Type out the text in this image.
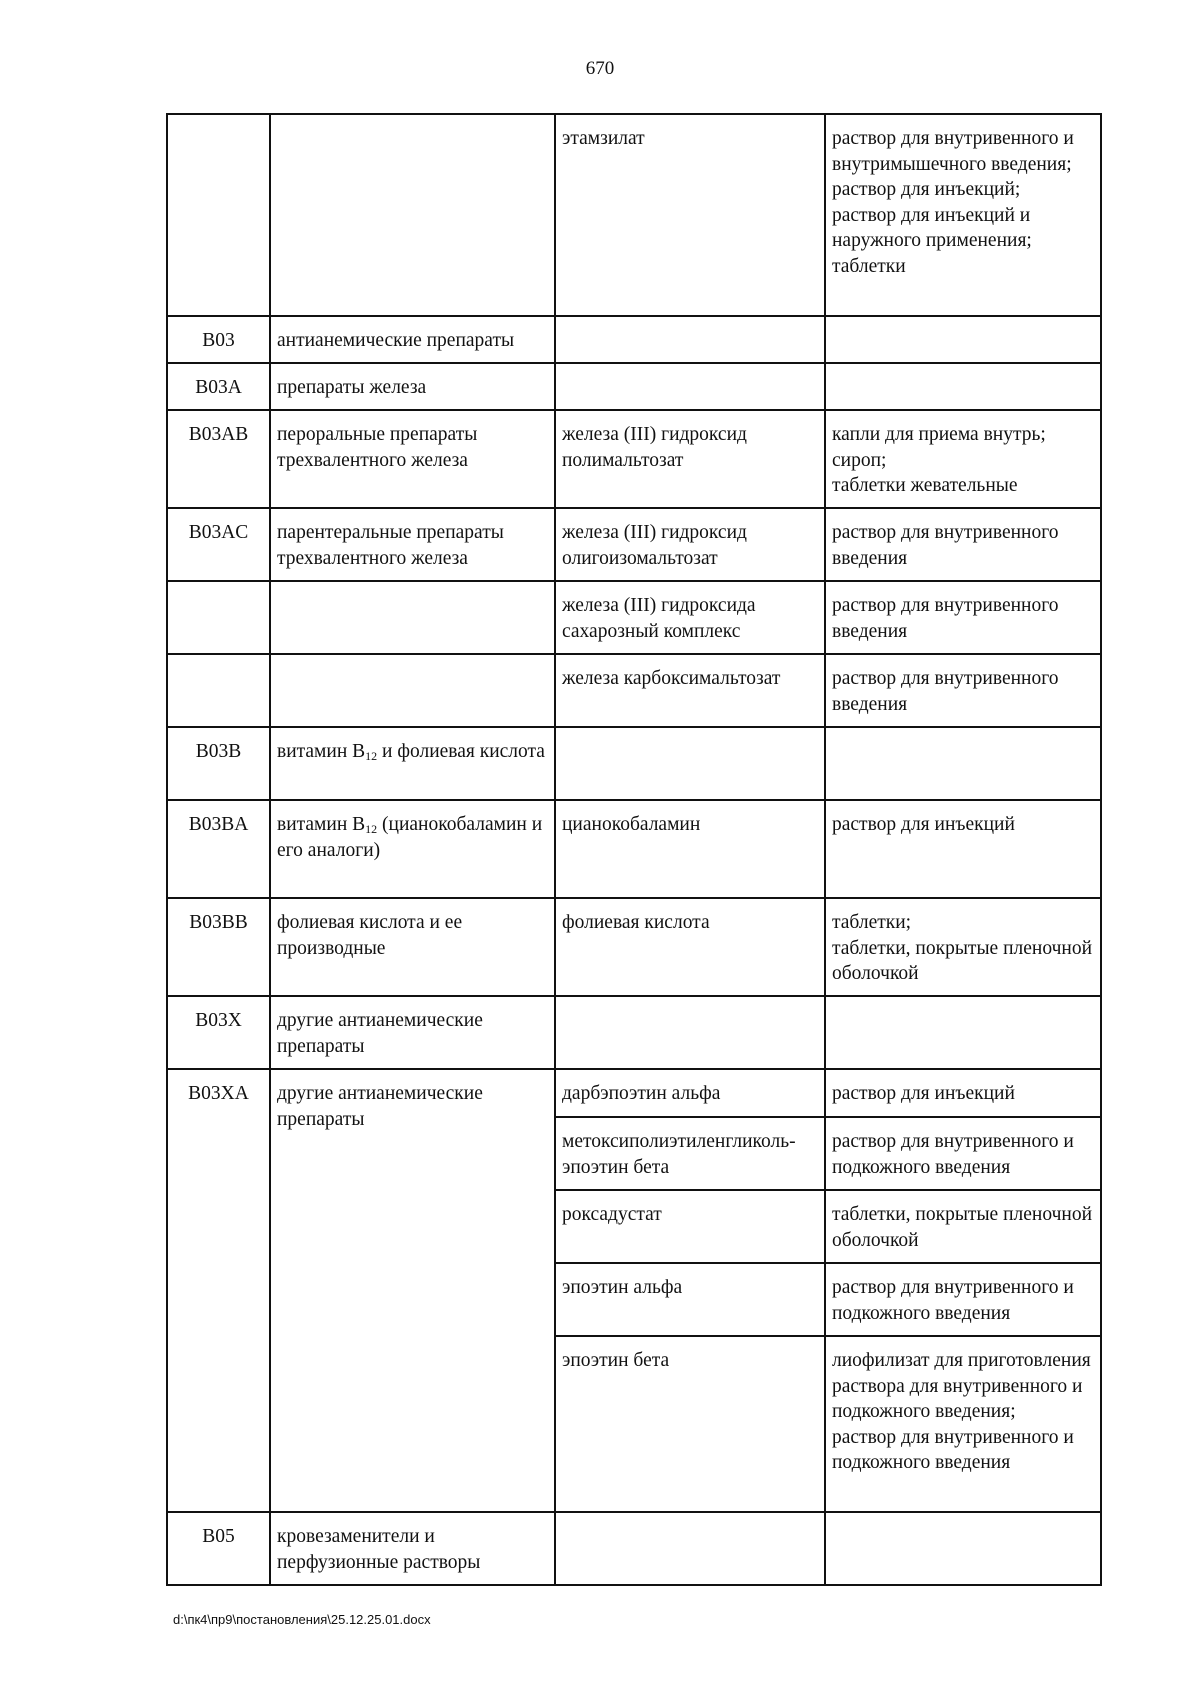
670
		этамзилат	раствор для внутривенного и внутримышечного введения;
раствор для инъекций;
раствор для инъекций и наружного применения;
таблетки

B03	антианемические препараты		
B03A	препараты железа		
B03AB	пероральные препараты трехвалентного железа	железа (III) гидроксид полимальтозат	капли для приема внутрь;
сироп;
таблетки жевательные

B03AC	парентеральные препараты трехвалентного железа	железа (III) гидроксид олигоизомальтозат	раствор для внутривенного введения

		железа (III) гидроксида сахарозный комплекс	раствор для внутривенного введения

		железа карбоксимальтозат	раствор для внутривенного введения

B03B	витамин $B_{12}$ и фолиевая кислота		
B03BA	витамин $B_{12}$ (цианокобаламин и его аналоги)	цианокобаламин	раствор для инъекций

B03BB	фолиевая кислота и ее производные	фолиевая кислота	таблетки;
таблетки, покрытые пленочной оболочкой

B03X	другие антианемические препараты		
B03XA	другие антианемические препараты	дарбэпоэтин альфа	раствор для инъекций

		метоксиполиэтиленгликоль-эпоэтин бета	раствор для внутривенного и подкожного введения

		роксадустат	таблетки, покрытые пленочной оболочкой

		эпоэтин альфа	раствор для внутривенного и подкожного введения

		эпоэтин бета	лиофилизат для приготовления раствора для внутривенного и подкожного введения;
раствор для внутривенного и подкожного введения

B05	кровезаменители и перфузионные растворы		
d:\пк4\пр9\постановления\25.12.25.01.docx
